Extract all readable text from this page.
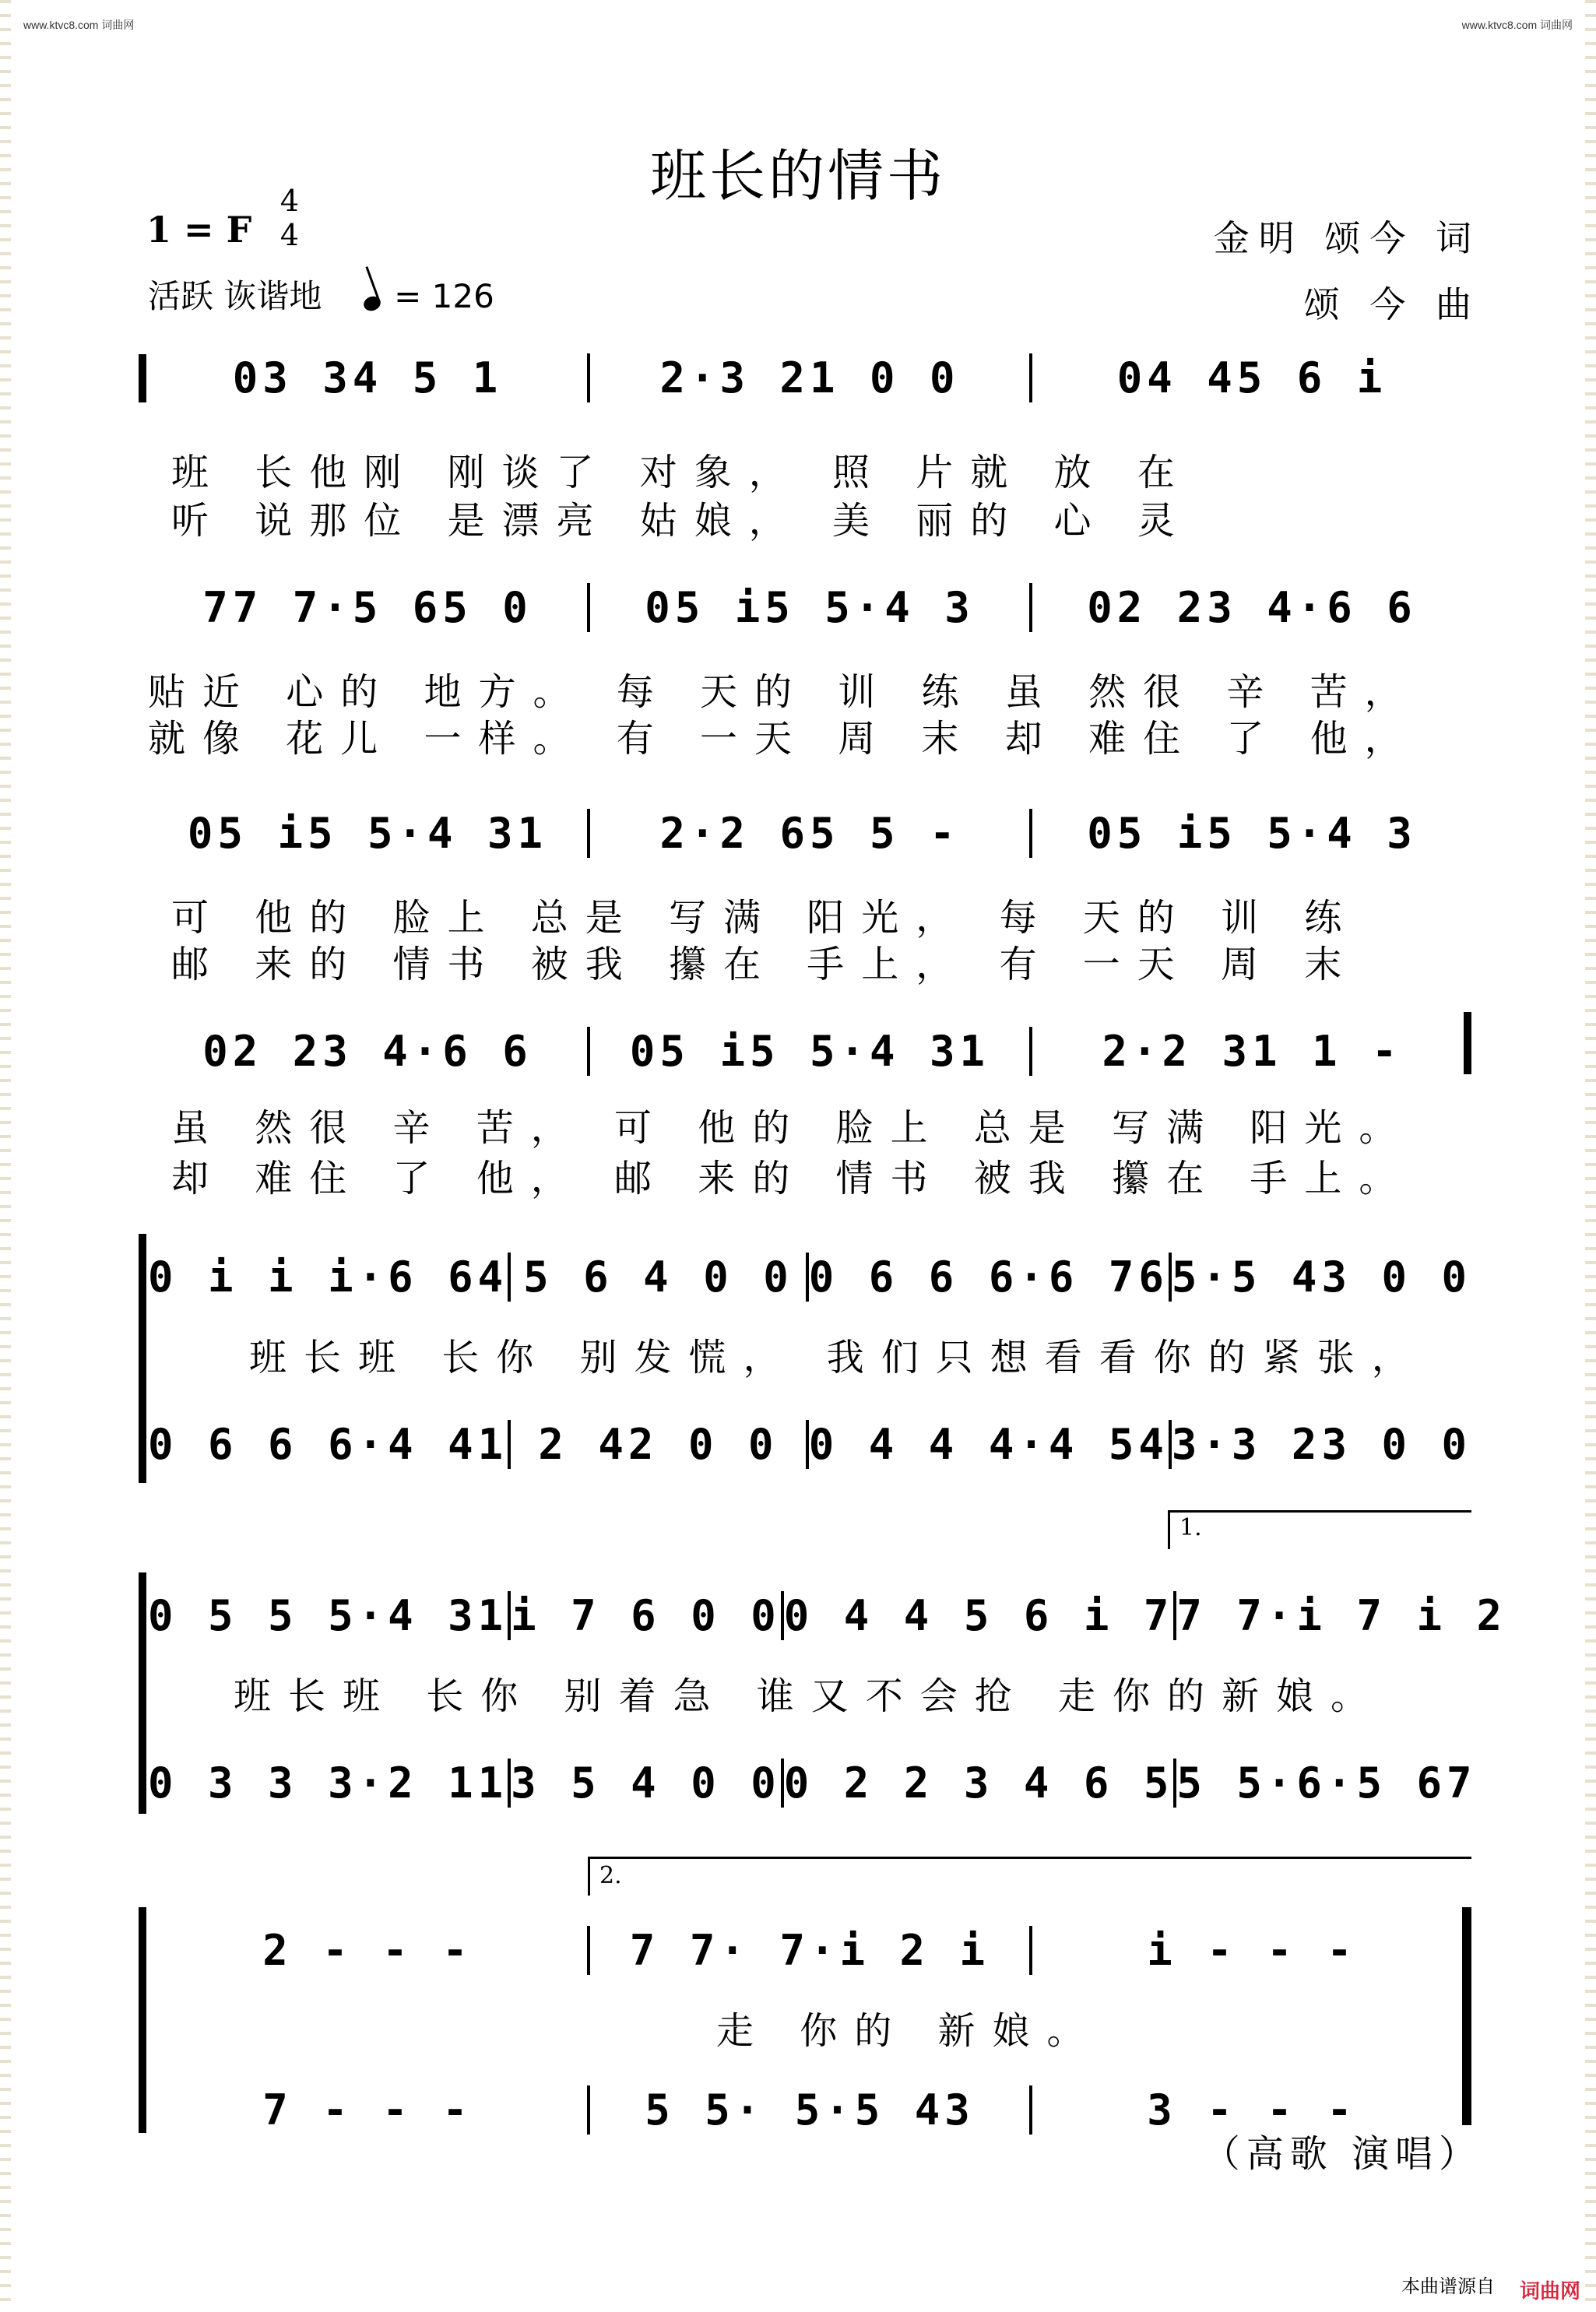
www.ktvc8.com 词曲网	www.ktvc8.com 词曲网
班长的情书
1 = F
4
4
活跃 诙谐地 = 126
金明 颂今 词
颂 今 曲
03 34 5 1	2·3 21 0 0	04 45 6 i
班 长他刚 刚谈了 对象， 照 片就 放 在
听 说那位 是漂亮 姑娘， 美 丽的 心 灵
77 7·5 65 0	05 i5 5·4 3	02 23 4·6 6
贴近 心的 地方。 每 天的 训 练 虽 然很 辛 苦，
就像 花儿 一样。 有 一天 周 末 却 难住 了 他，
05 i5 5·4 31	2·2 65 5 -	05 i5 5·4 3
可 他的 脸上 总是 写满 阳光， 每 天的 训 练
邮 来的 情书 被我 攥在 手上， 有 一天 周 末
02 23 4·6 6	05 i5 5·4 31	2·2 31 1 -
虽 然很 辛 苦， 可 他的 脸上 总是 写满 阳光。
却 难住 了 他， 邮 来的 情书 被我 攥在 手上。
0 i i i·6 64 5 6 4 0 0 0 6 6 6·6 76 5·5 43 0 0
班长班 长你 别发慌， 我们只想看看你的紧张，
0 6 6 6·4 41 2 42 0 0 0 4 4 4·4 54 3·3 23 0 0
1.
0 5 5 5·4 31 i 7 6 0 0 0 4 4 5 6 i 7 7 7·i 7 i 2
班长班 长你 别着急 谁又不会抢 走你的新娘。
0 3 3 3·2 11 3 5 4 0 0 0 2 2 3 4 6 5 5 5·6·5 67
2.
2 - - -	7 7· 7·i 2 i	i - - -
走 你的 新娘。
7 - - -	5 5· 5·5 43	3 - - -
（高歌 演唱）
本曲谱源自 词曲网
